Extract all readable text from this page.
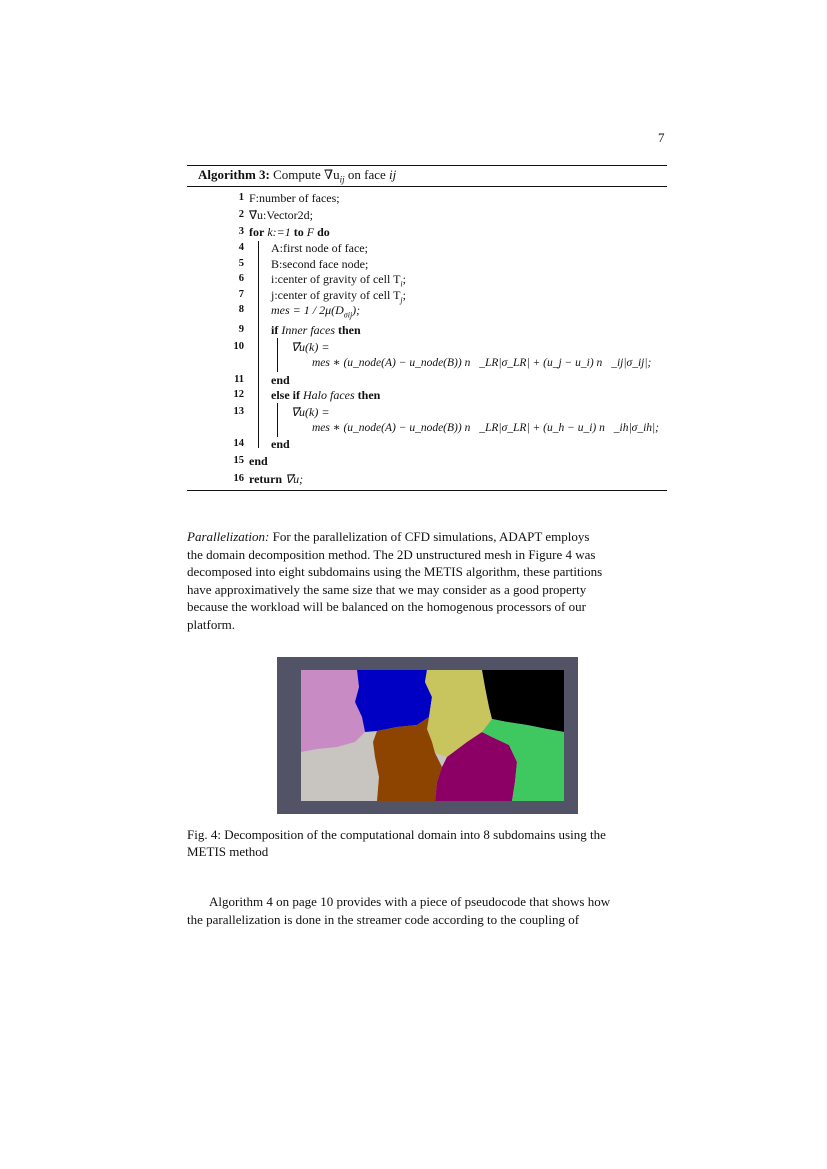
7
Algorithm 3: Compute $\nabla u_{ij}$ on face ij
1 F:number of faces;
2 ∇⃗u:Vector2d;
3 for k:=1 to F do
4 A:first node of face;
5 B:second face node;
6 i:center of gravity of cell $T_i$;
7 j:center of gravity of cell $T_j$;
8 mes = $1 / 2\mu(D_{\sigma ij})$;
9 if Inner faces then
10	∇⃗u(k) =
mes ∗ (u_node(A) − u_node(B)) n⃗_LR|σ_LR| + (u_j − u_i) n⃗_ij|σ_ij|;
11 end
12 else if Halo faces then
13	∇⃗u(k) =
mes ∗ (u_node(A) − u_node(B)) n⃗_LR|σ_LR| + (u_h − u_i) n⃗_ih|σ_ih|;
14 end
15 end
16 return ∇⃗u;
Parallelization: For the parallelization of CFD simulations, ADAPT employs
the domain decomposition method. The 2D unstructured mesh in Figure 4 was
decomposed into eight subdomains using the METIS algorithm, these partitions
have approximatively the same size that we may consider as a good property
because the workload will be balanced on the homogenous processors of our
platform.
Fig. 4: Decomposition of the computational domain into 8 subdomains using the
METIS method
Algorithm 4 on page 10 provides with a piece of pseudocode that shows how
the parallelization is done in the streamer code according to the coupling of
